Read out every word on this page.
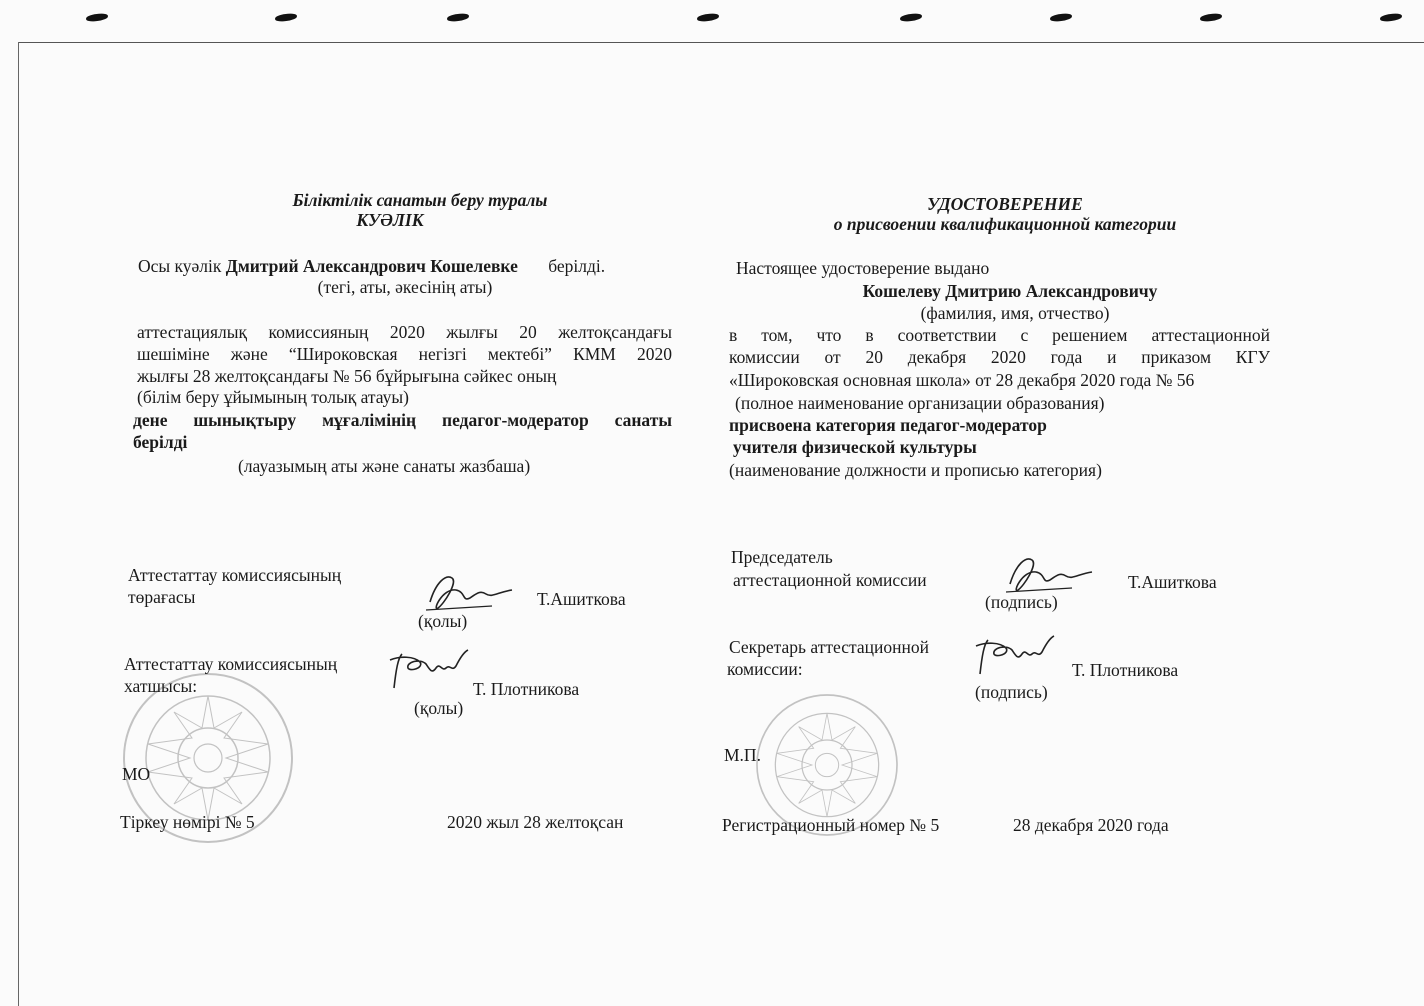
Біліктілік санатын беру туралы
КУӘЛІК
Осы куәлік Дмитрий Александрович Кошелевке берілді.
(тегі, аты, әкесінің аты)
аттестациялық комиссияның 2020 жылғы 20 желтоқсандағы
шешіміне және “Широковская негізгі мектебі” КММ 2020
жылғы 28 желтоқсандағы № 56 бұйрығына сәйкес оның
(білім беру ұйымының толық атауы)
дене шынықтыру мұғалімінің педагог-модератор санаты
берілді
(лауазымың аты және санаты жазбаша)
Аттестаттау комиссиясының
төрағасы	Т.Ашиткова
(қолы)
Аттестаттау комиссиясының
хатшысы:	Т. Плотникова
(қолы)
МО
Тіркеу нөмірі № 5	2020 жыл 28 желтоқсан
УДОСТОВЕРЕНИЕ
о присвоении квалификационной категории
Настоящее удостоверение выдано
Кошелеву Дмитрию Александровичу
(фамилия, имя, отчество)
в том, что в соответствии с решением аттестационной
комиссии от 20 декабря 2020 года и приказом КГУ
«Широковская основная школа» от 28 декабря 2020 года № 56
(полное наименование организации образования)
присвоена категория педагог-модератор
учителя физической культуры
(наименование должности и прописью категория)
Председатель
аттестационной комиссии	Т.Ашиткова
(подпись)
Секретарь аттестационной
комиссии:	Т. Плотникова
(подпись)
М.П.
Регистрационный номер № 5	28 декабря 2020 года
